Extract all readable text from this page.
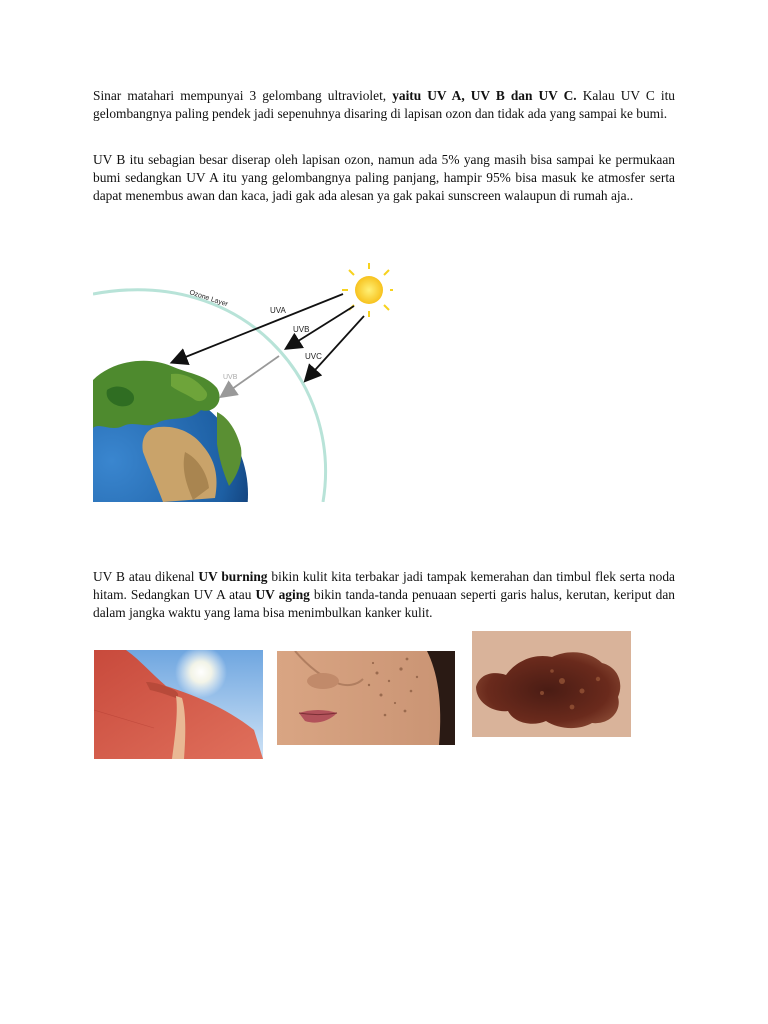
Sinar matahari mempunyai 3 gelombang ultraviolet, yaitu UV A, UV B dan UV C. Kalau UV C itu gelombangnya paling pendek jadi sepenuhnya disaring di lapisan ozon dan tidak ada yang sampai ke bumi.

UV B itu sebagian besar diserap oleh lapisan ozon, namun ada 5% yang masih bisa sampai ke permukaan bumi sedangkan UV A itu yang gelombangnya paling panjang, hampir 95% bisa masuk ke atmosfer serta dapat menembus awan dan kaca, jadi gak ada alesan ya gak pakai sunscreen walaupun di rumah aja..

Ozone Layer
UVA
UVB
UVC
UVB

UV B atau dikenal UV burning bikin kulit kita terbakar jadi tampak kemerahan dan timbul flek serta noda hitam. Sedangkan UV A atau UV aging bikin tanda-tanda penuaan seperti garis halus, kerutan, keriput dan dalam jangka waktu yang lama bisa menimbulkan kanker kulit.
